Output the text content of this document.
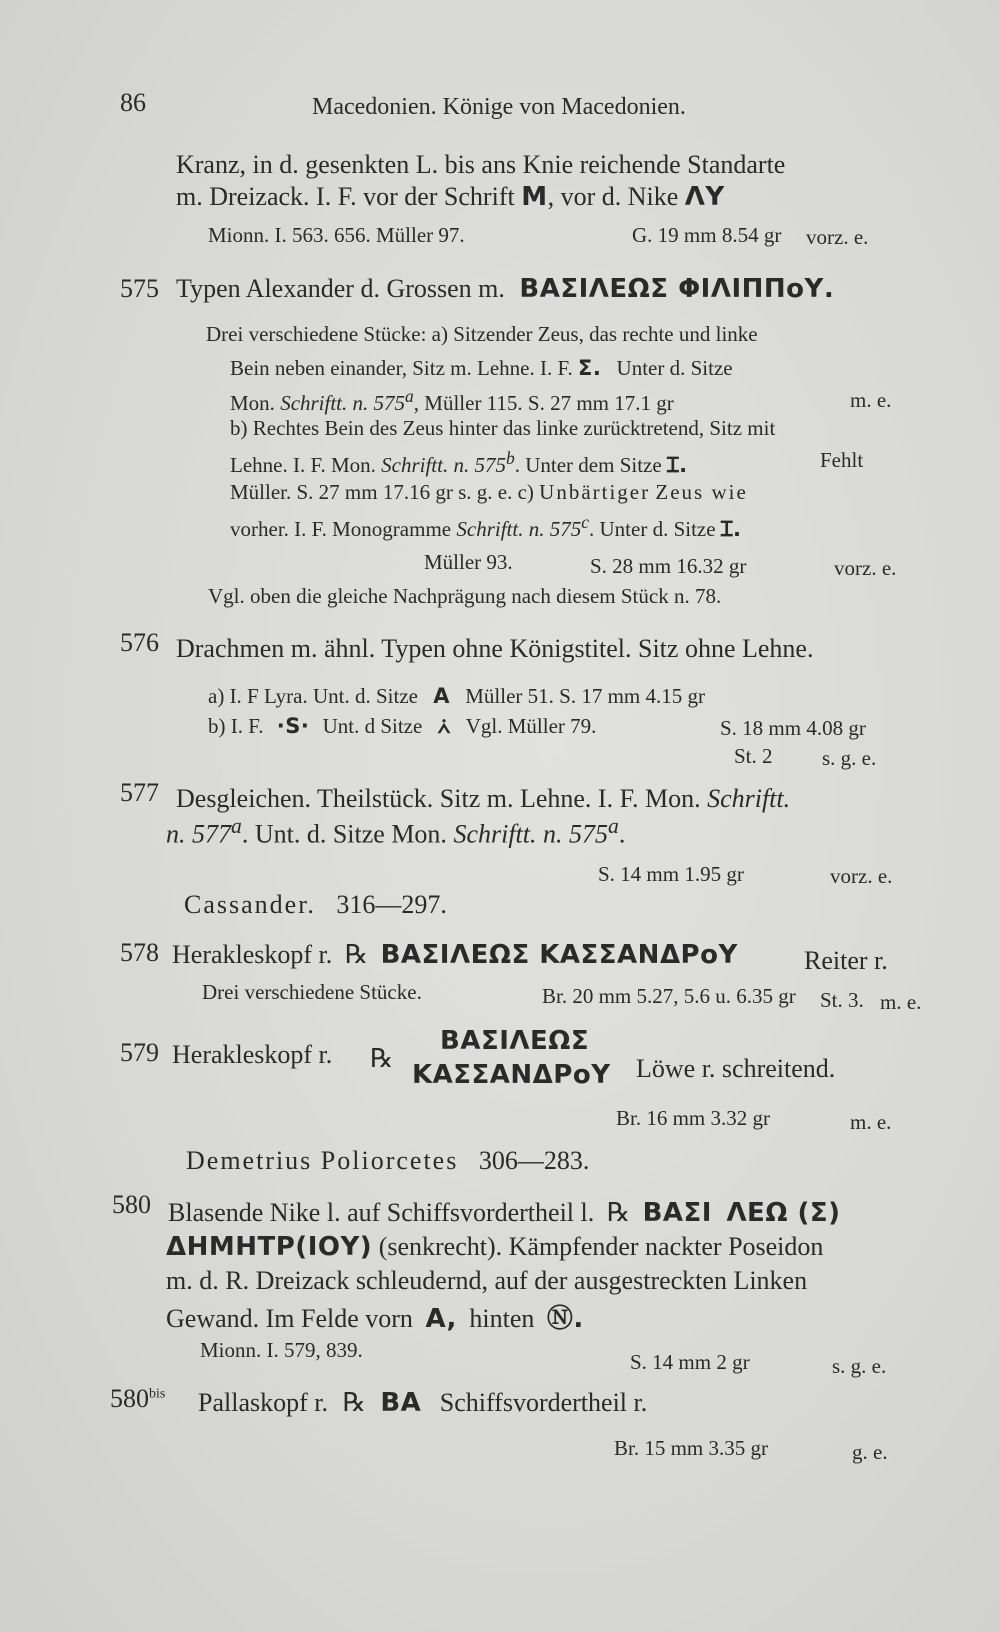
86	Macedonien. Könige von Macedonien.
Kranz, in d. gesenkten L. bis ans Knie reichende Standarte
m. Dreizack. I. F. vor der Schrift M, vor d. Nike ΛΥ
Mionn. I. 563. 656. Müller 97.	G. 19 mm 8.54 gr vorz. e.
575 Typen Alexander d. Grossen m. ΒΑΣΙΛΕΩΣ ΦΙΛΙΠΠοΥ.
Drei verschiedene Stücke: a) Sitzender Zeus, das rechte und linke
Bein neben einander, Sitz m. Lehne. I. F. Σ. Unter d. Sitze
Mon. Schriftt. n. 575$^a$, Müller 115. S. 27 mm 17.1 gr	m. e.
b) Rechtes Bein des Zeus hinter das linke zurücktretend, Sitz mit
Lehne. I. F. Mon. Schriftt. n. 575$^b$. Unter dem Sitze Ɪ.	Fehlt
Müller. S. 27 mm 17.16 gr s. g. e. c) Unbärtiger Zeus wie
vorher. I. F. Monogramme Schriftt. n. 575$^c$. Unter d. Sitze Ɪ.
Müller 93.	S. 28 mm 16.32 gr	vorz. e.
Vgl. oben die gleiche Nachprägung nach diesem Stück n. 78.
576 Drachmen m. ähnl. Typen ohne Königstitel. Sitz ohne Lehne.
a) I. F Lyra. Unt. d. Sitze A Müller 51. S. 17 mm 4.15 gr
b) I. F. ·S· Unt. d Sitze ⩑ Vgl. Müller 79.	S. 18 mm 4.08 gr
St. 2 s. g. e.
577 Desgleichen. Theilstück. Sitz m. Lehne. I. F. Mon. Schriftt.
n. 577$^a$. Unt. d. Sitze Mon. Schriftt. n. 575$^a$.
S. 14 mm 1.95 gr	vorz. e.
Cassander. 316—297.
578 Herakleskopf r. ℞ ΒΑΣΙΛΕΩΣ ΚΑΣΣΑΝΔΡοΥ	Reiter r.
Drei verschiedene Stücke.	Br. 20 mm 5.27, 5.6 u. 6.35 gr St. 3. m. e.
579 Herakleskopf r. ℞
ΒΑΣΙΛΕΩΣ
ΚΑΣΣΑΝΔΡοΥ Löwe r. schreitend.
Br. 16 mm 3.32 gr	m. e.
Demetrius Poliorcetes 306—283.
580 Blasende Nike l. auf Schiffsvordertheil l. ℞ ΒΑΣΙ ΛΕΩ (Σ)
ΔΗΜΗΤΡ(ΙΟΥ) (senkrecht). Kämpfender nackter Poseidon
m. d. R. Dreizack schleudernd, auf der ausgestreckten Linken
Gewand. Im Felde vorn A, hinten Ⓝ.
Mionn. I. 579, 839.	S. 14 mm 2 gr	s. g. e.
$580^{bis}$ Pallaskopf r. ℞ ΒΑ Schiffsvordertheil r.
Br. 15 mm 3.35 gr	g. e.
